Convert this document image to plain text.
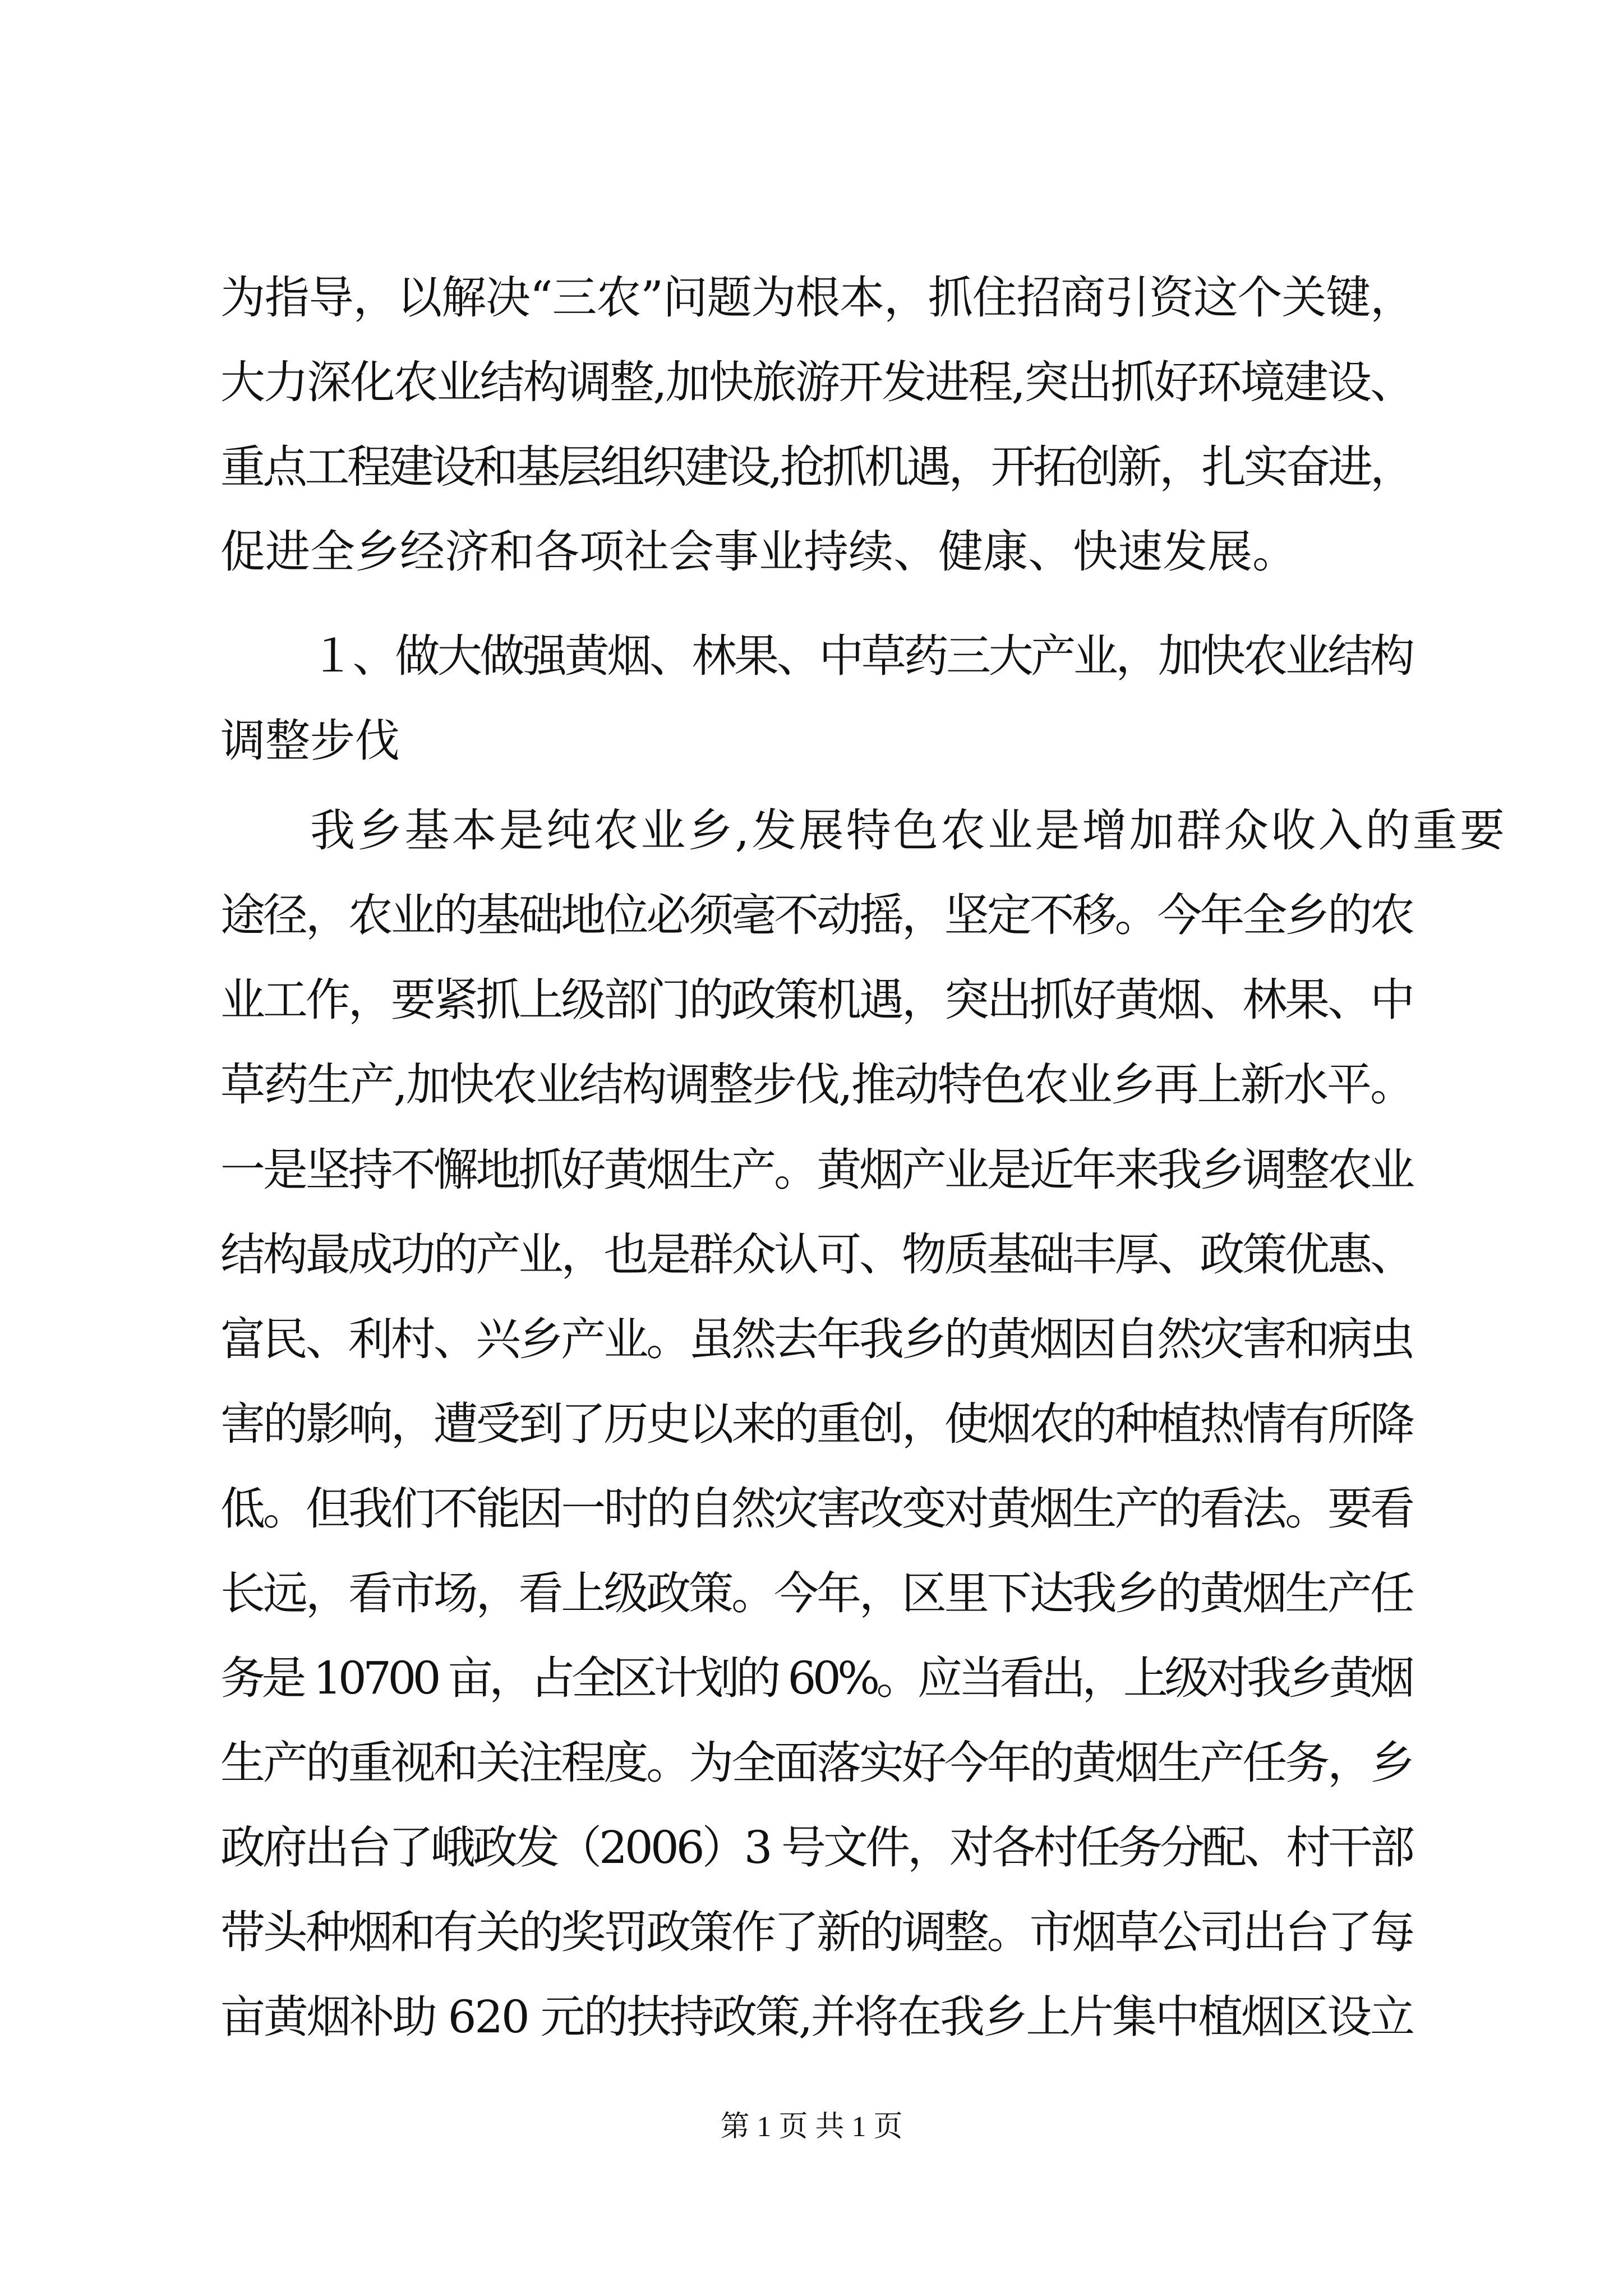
为指导，以解决“三农”问题为根本，抓住招商引资这个关键，

大力深化农业结构调整,加快旅游开发进程,突出抓好环境建设、

重点工程建设和基层组织建设,抢抓机遇，开拓创新，扎实奋进，

促进全乡经济和各项社会事业持续、健康、快速发展。

１、做大做强黄烟、林果、中草药三大产业，加快农业结构

调整步伐

我乡基本是纯农业乡,发展特色农业是增加群众收入的重要

途径，农业的基础地位必须毫不动摇，坚定不移。今年全乡的农

业工作，要紧抓上级部门的政策机遇，突出抓好黄烟、林果、中

草药生产,加快农业结构调整步伐,推动特色农业乡再上新水平。

一是坚持不懈地抓好黄烟生产。黄烟产业是近年来我乡调整农业

结构最成功的产业，也是群众认可、物质基础丰厚、政策优惠、

富民、利村、兴乡产业。虽然去年我乡的黄烟因自然灾害和病虫

害的影响，遭受到了历史以来的重创，使烟农的种植热情有所降

低。但我们不能因一时的自然灾害改变对黄烟生产的看法。要看

长远，看市场，看上级政策。今年，区里下达我乡的黄烟生产任

务是 10700 亩，占全区计划的 60%。应当看出，上级对我乡黄烟

生产的重视和关注程度。为全面落实好今年的黄烟生产任务，乡

政府出台了峨政发（2006）3 号文件，对各村任务分配、村干部

带头种烟和有关的奖罚政策作了新的调整。市烟草公司出台了每

亩黄烟补助 620 元的扶持政策,并将在我乡上片集中植烟区设立

第 1 页 共 1 页
